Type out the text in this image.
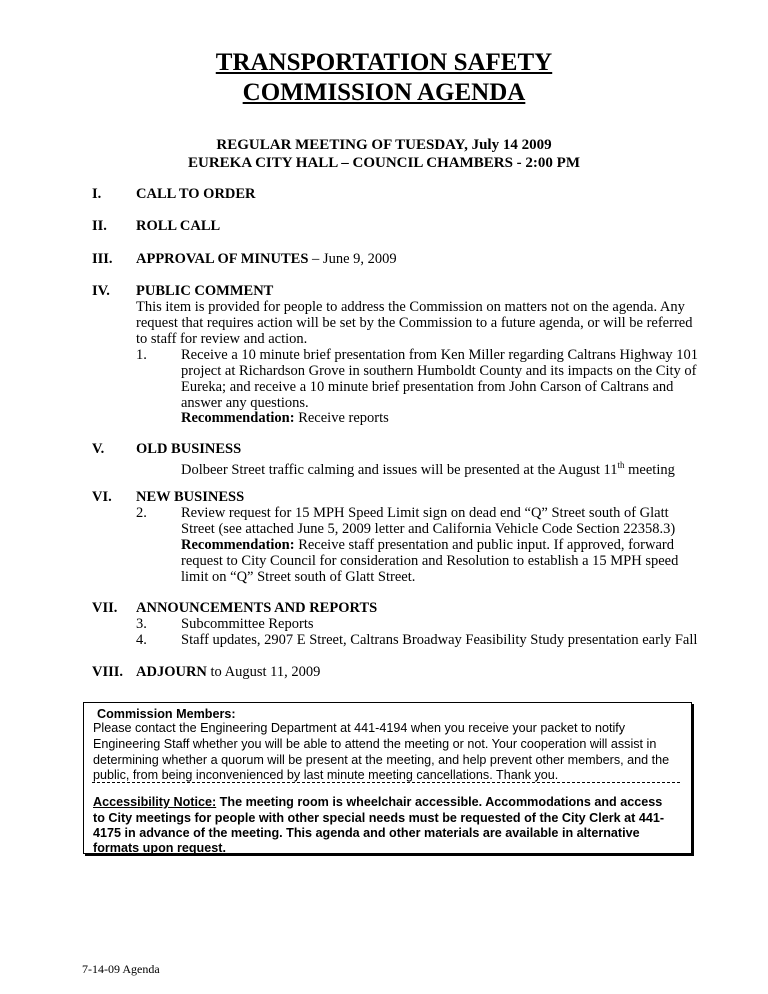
TRANSPORTATION SAFETY
COMMISSION AGENDA
REGULAR MEETING OF TUESDAY, July 14 2009
EUREKA CITY HALL – COUNCIL CHAMBERS - 2:00 PM
I. CALL TO ORDER
II. ROLL CALL
III. APPROVAL OF MINUTES – June 9, 2009
IV. PUBLIC COMMENT
This item is provided for people to address the Commission on matters not on the agenda. Any
request that requires action will be set by the Commission to a future agenda, or will be referred
to staff for review and action.
1. Receive a 10 minute brief presentation from Ken Miller regarding Caltrans Highway 101
project at Richardson Grove in southern Humboldt County and its impacts on the City of
Eureka; and receive a 10 minute brief presentation from John Carson of Caltrans and
answer any questions.
Recommendation: Receive reports
V. OLD BUSINESS
Dolbeer Street traffic calming and issues will be presented at the August 11th meeting
VI. NEW BUSINESS
2. Review request for 15 MPH Speed Limit sign on dead end “Q” Street south of Glatt
Street (see attached June 5, 2009 letter and California Vehicle Code Section 22358.3)
Recommendation: Receive staff presentation and public input. If approved, forward
request to City Council for consideration and Resolution to establish a 15 MPH speed
limit on “Q” Street south of Glatt Street.
VII. ANNOUNCEMENTS AND REPORTS
3. Subcommittee Reports
4. Staff updates, 2907 E Street, Caltrans Broadway Feasibility Study presentation early Fall
VIII. ADJOURN to August 11, 2009
Commission Members:
Please contact the Engineering Department at 441-4194 when you receive your packet to notify
Engineering Staff whether you will be able to attend the meeting or not. Your cooperation will assist in
determining whether a quorum will be present at the meeting, and help prevent other members, and the
public, from being inconvenienced by last minute meeting cancellations. Thank you.
Accessibility Notice: The meeting room is wheelchair accessible. Accommodations and access
to City meetings for people with other special needs must be requested of the City Clerk at 441-
4175 in advance of the meeting. This agenda and other materials are available in alternative
formats upon request.
7-14-09 Agenda
